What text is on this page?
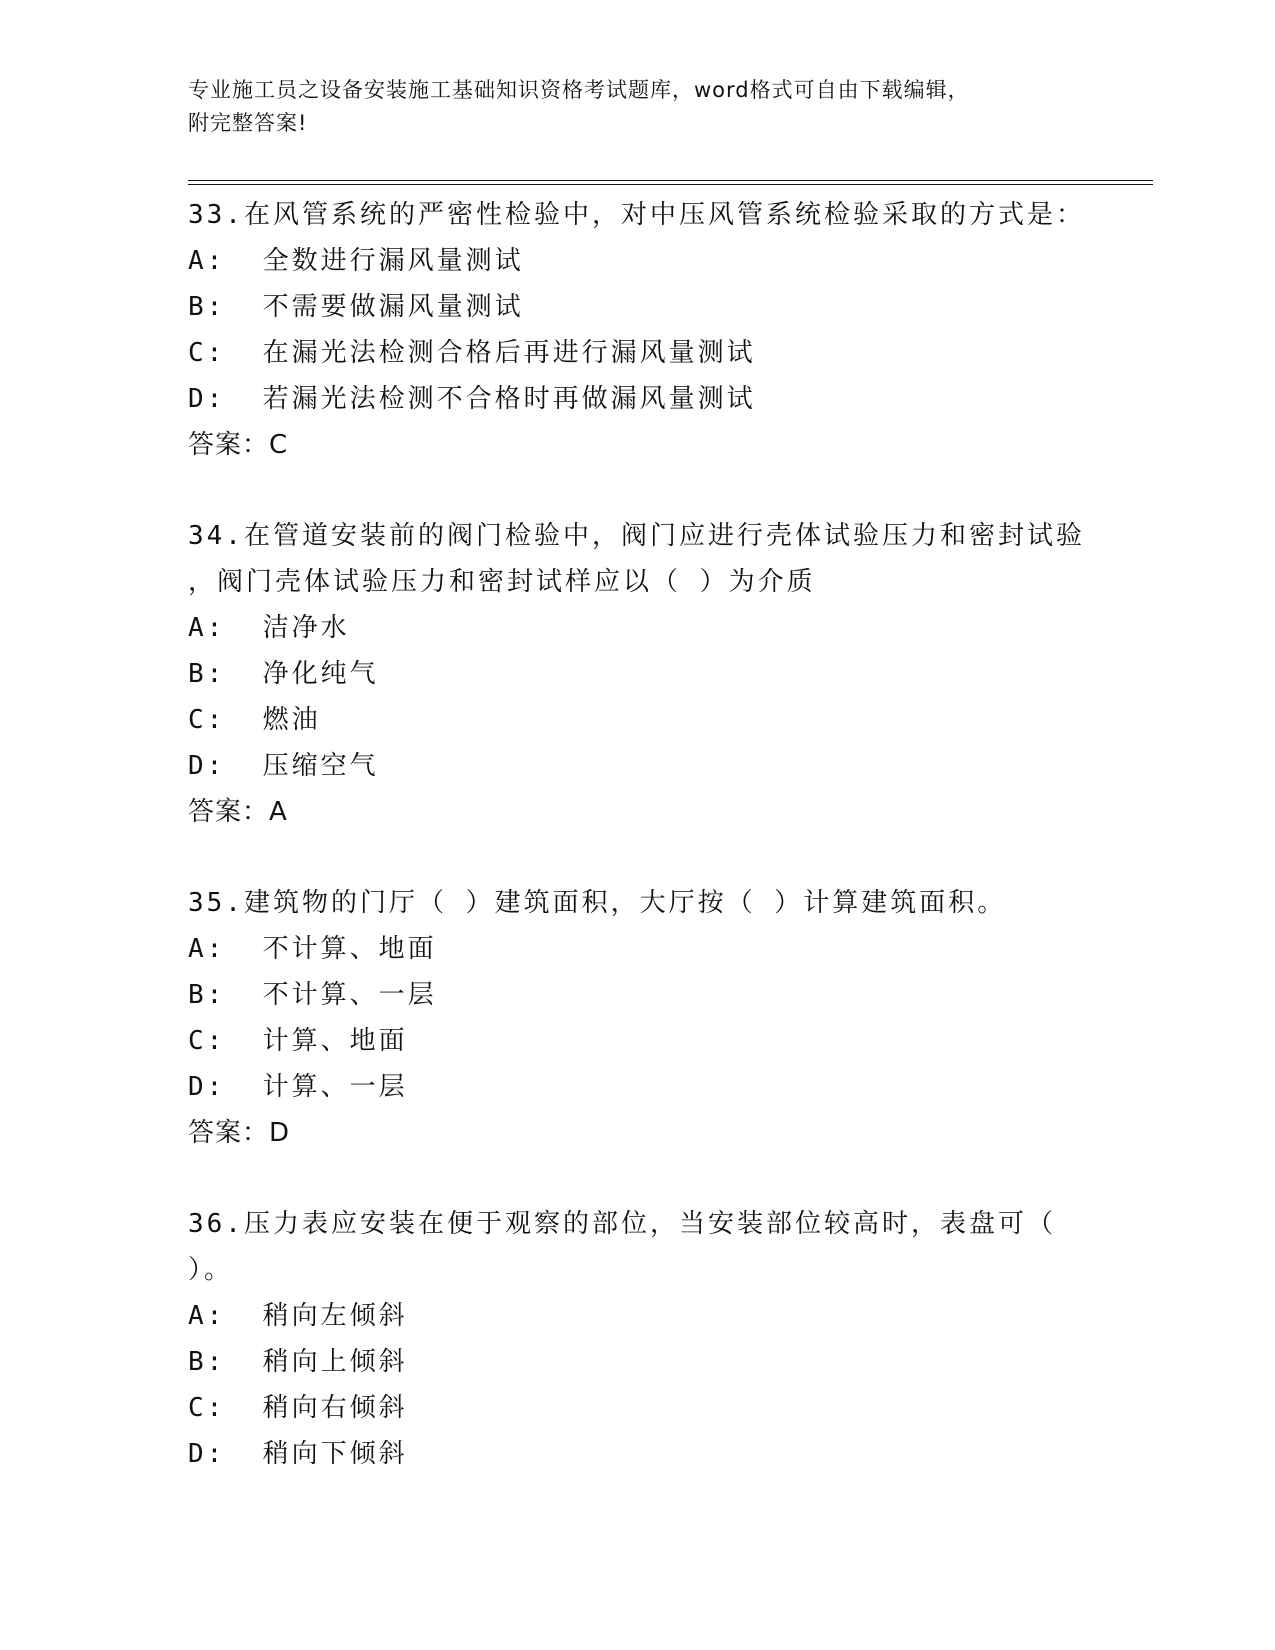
专业施工员之设备安装施工基础知识资格考试题库，word格式可自由下载编辑，
附完整答案!

33.在风管系统的严密性检验中，对中压风管系统检验采取的方式是：

A:  全数进行漏风量测试

B:  不需要做漏风量测试

C:  在漏光法检测合格后再进行漏风量测试

D:  若漏光法检测不合格时再做漏风量测试

答案：C

34.在管道安装前的阀门检验中，阀门应进行壳体试验压力和密封试验

，阀门壳体试验压力和密封试样应以（ ）为介质

A:  洁净水

B:  净化纯气

C:  燃油

D:  压缩空气

答案：A

35.建筑物的门厅（ ）建筑面积，大厅按（ ）计算建筑面积。

A:  不计算、地面

B:  不计算、一层

C:  计算、地面

D:  计算、一层

答案：D

36.压力表应安装在便于观察的部位，当安装部位较高时，表盘可（

）。

A:  稍向左倾斜

B:  稍向上倾斜

C:  稍向右倾斜

D:  稍向下倾斜
